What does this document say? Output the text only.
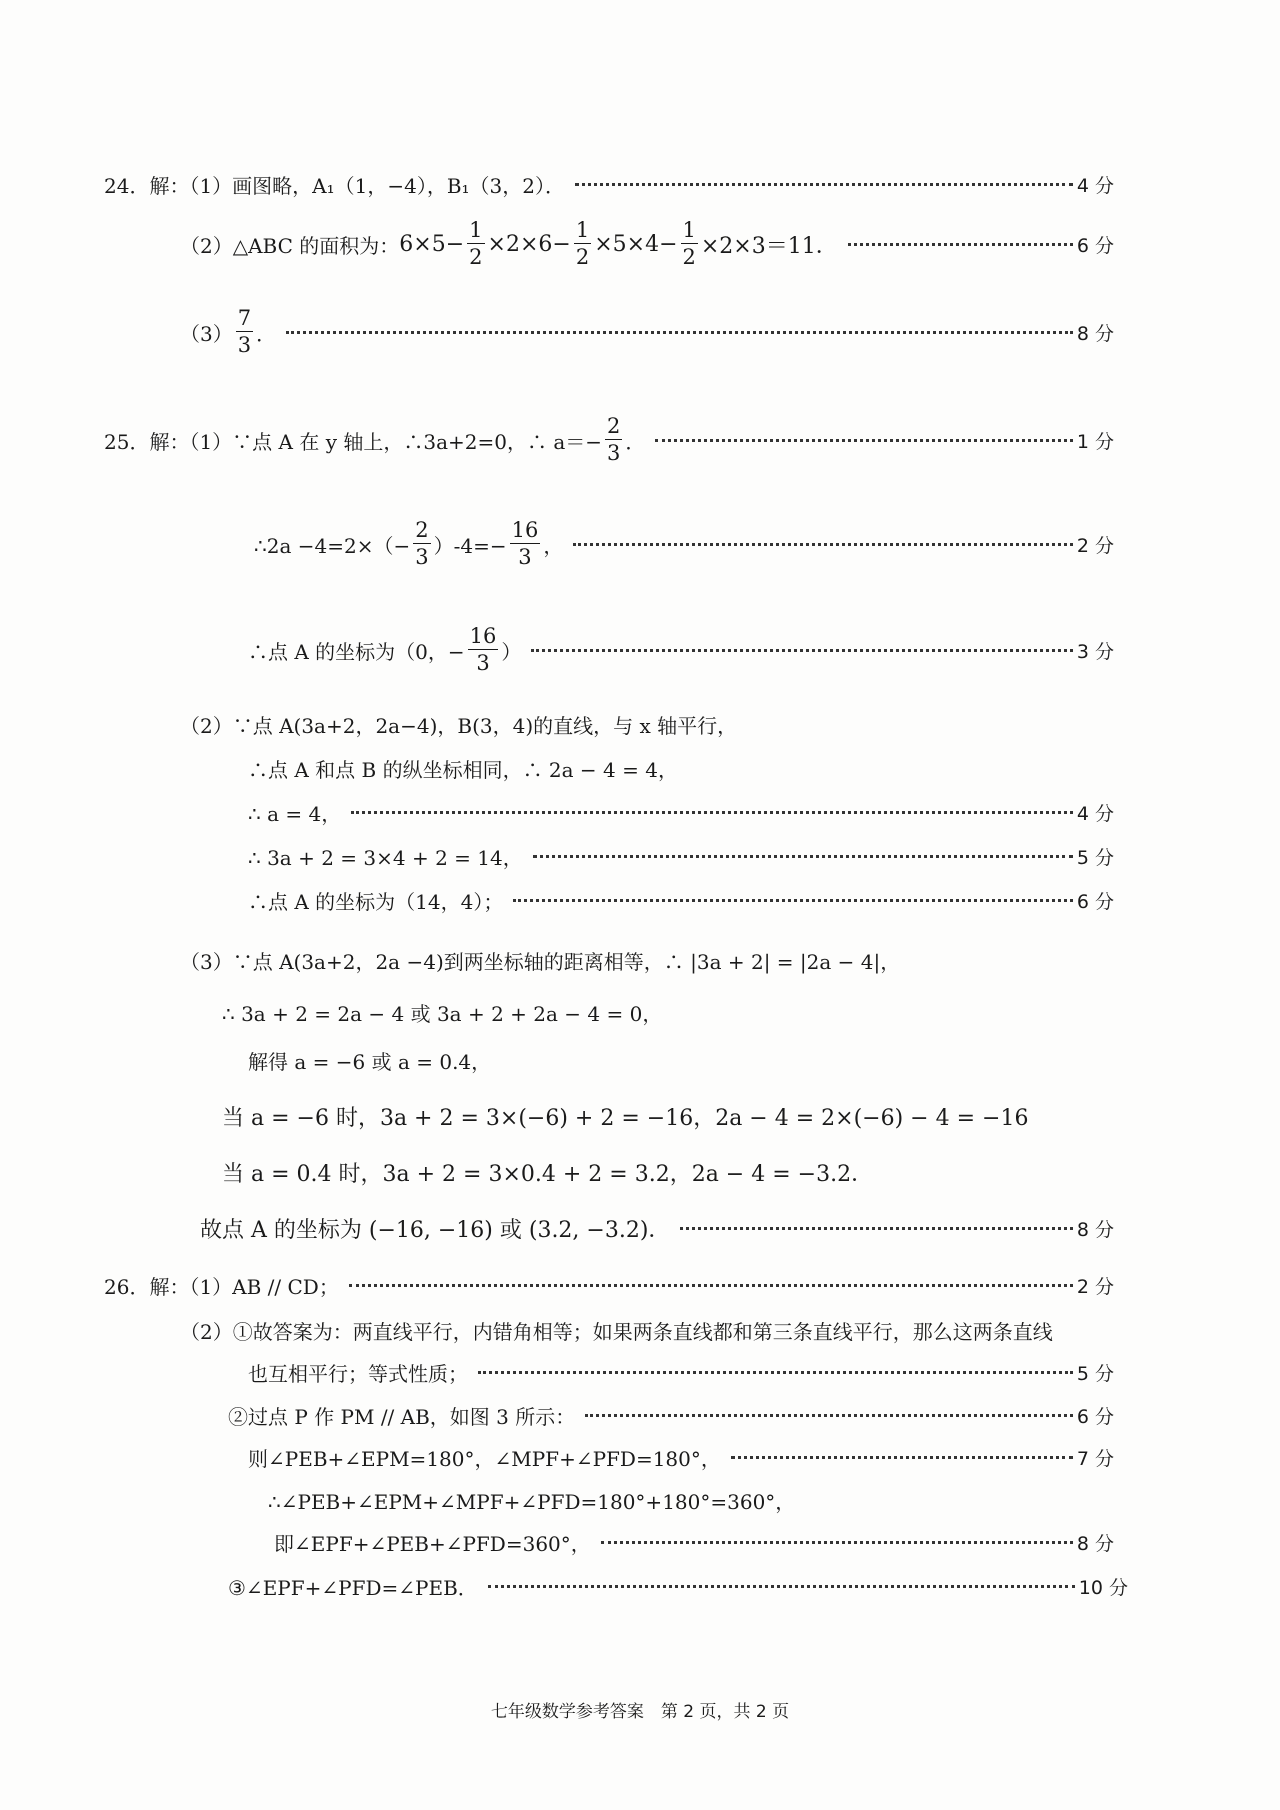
24． 解：（1）画图略，A₁（1，−4），B₁（3，2）．	4 分
（2）△ABC 的面积为： $6\times 5- \frac{1}{2} \times 2\times 6- \frac{1}{2} \times 5\times 4- \frac{1}{2} \times 2\times 3=11$．	6 分
$(3) \frac{7}{3}$ ．	8 分
25． 解：（1）∵点 A 在 y 轴上，∴3a+2=0，∴ $a=- \frac{2}{3}$ ．	1 分
∴2a $-4=2\times(- \frac{2}{3} )-4=- \frac{16}{3}$ ，	2 分
∴点 A 的坐标为（0，− $\frac{16}{3}$ ）	3 分
（2）∵点 A(3a+2，2a−4)，B(3，4)的直线，与 x 轴平行，
∴点 A 和点 B 的纵坐标相同，∴ 2a − 4 = 4，
∴ a = 4，	4 分
∴ 3a + 2 = 3×4 + 2 = 14，	5 分
∴点 A 的坐标为（14，4）；	6 分
（3）∵点 A(3a+2，2a −4)到两坐标轴的距离相等，∴ |3a + 2| = |2a − 4|，
∴ 3a + 2 = 2a − 4 或 3a + 2 + 2a − 4 = 0，
解得 a = −6 或 a = 0.4，
当 a = −6 时，3a + 2 = 3×(−6) + 2 = −16，2a − 4 = 2×(−6) − 4 = −16
当 a = 0.4 时，3a + 2 = 3×0.4 + 2 = 3.2，2a − 4 = −3.2．
故点 A 的坐标为 (−16, −16) 或 (3.2, −3.2)．	8 分
26． 解：（1）AB // CD；	2 分
（2）①故答案为：两直线平行，内错角相等；如果两条直线都和第三条直线平行，那么这两条直线
也互相平行；等式性质；	5 分
②过点 P 作 PM // AB，如图 3 所示：	6 分
则∠PEB+∠EPM=180°，∠MPF+∠PFD=180°，	7 分
∴∠PEB+∠EPM+∠MPF+∠PFD=180°+180°=360°，
即∠EPF+∠PEB+∠PFD=360°，	8 分
③∠EPF+∠PFD=∠PEB．	10 分
七年级数学参考答案　第 2 页，共 2 页
